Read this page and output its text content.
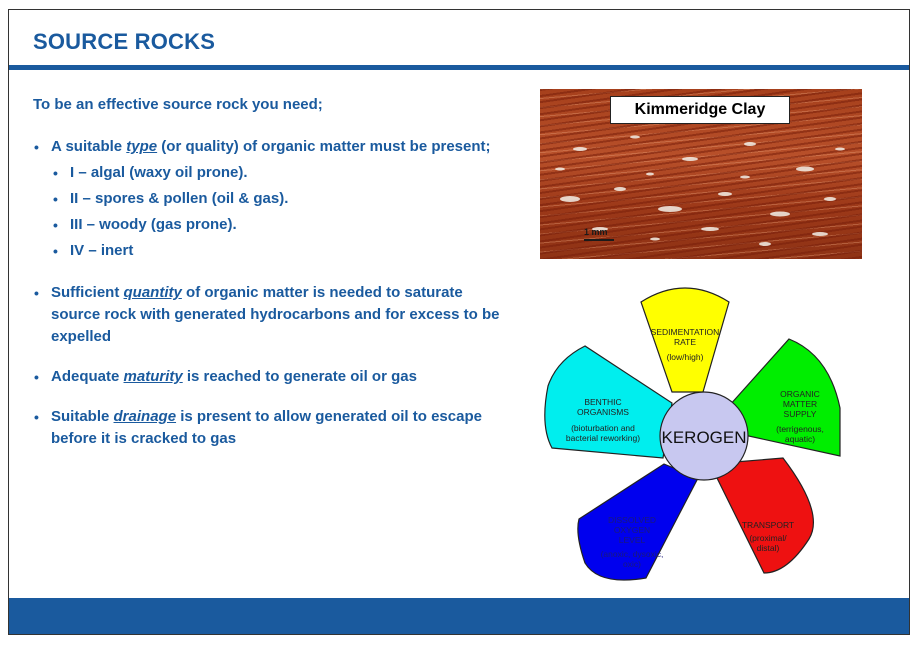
SOURCE ROCKS

To be an effective source rock you need;

• A suitable type (or quality) of organic matter must be present;

• I – algal (waxy oil prone).
• II – spores & pollen (oil & gas).
• III – woody (gas prone).
• IV – inert

• Sufficient quantity of organic matter is needed to saturate source rock with generated hydrocarbons and for excess to be expelled

• Adequate maturity is reached to generate oil or gas

• Suitable drainage is present to allow generated oil to escape before it is cracked to gas

Kimmeridge Clay
1 mm
KEROGEN
SEDIMENTATION
RATE
(low/high)
ORGANIC
MATTER
SUPPLY
(terrigenous,
aquatic)
TRANSPORT
(proximal/
distal)
DISSOLVED
OXYGEN
LEVEL
(anoxic, dysoxic,
oxic)
BENTHIC
ORGANISMS
(bioturbation and
bacterial reworking)
